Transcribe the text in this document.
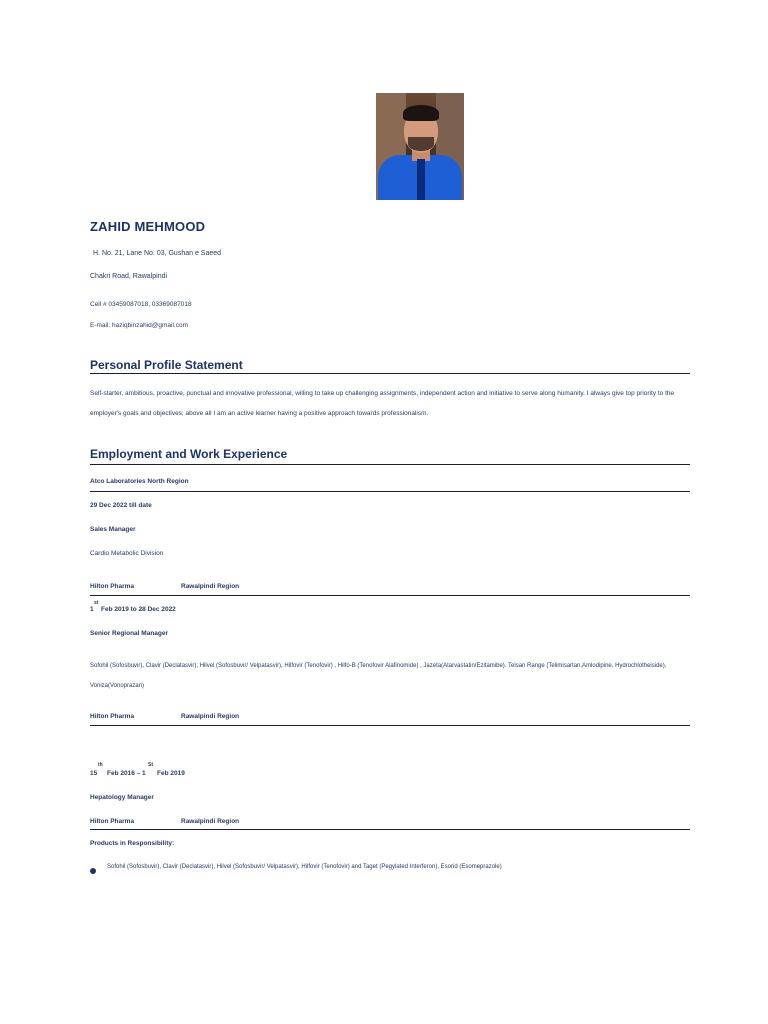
ZAHID MEHMOOD
H. No. 21, Lane No. 03, Gushan e Saeed
Chakri Road, Rawalpindi
Cell # 03459087018, 03369087018
E-mail: haziqbinzahid@gmail.com
Personal Profile Statement
Self-starter, ambitious, proactive, punctual and innovative professional, willing to take up challenging assignments, independent action and initiative to serve along humanity. I always give top priority to the employer's goals and objectives; above all I am an active learner having a positive approach towards professionalism.
Employment and Work Experience
Atco Laboratories North Region
29 Dec 2022 till date
Sales Manager
Cardio Metabolic Division
Hilton Pharma	Rawalpindi Region
1
st
Feb 2019 to 28 Dec 2022
Senior Regional Manager
Sofohil (Sofosbuvir), Clavir (Declatasvir), Hilvel (Sofosbuvir/ Velpatasvir), Hilfovir (Tenofovir) , Hilfo-B (Tenofovir Alafinomide) , Jazeta(Atarvastatin/Ezitamibe). Telsan Range (Telimisartan,Amlodipine, Hydrochlotheiside), Voniza(Vonoprazan)
Hilton Pharma	Rawalpindi Region
th	St
15 Feb 2016 – 1 Feb 2019
Hepatology Manager
Hilton Pharma	Rawalpindi Region
Products in Responsibility:
Sofohil (Sofosbuvir), Clavir (Declatasvir), Hilvel (Sofosbuvir/ Velpatasvir), Hilfovir (Tenofovir) and Taget (Pegylated Interferon), Esorid (Esomeprazole)
